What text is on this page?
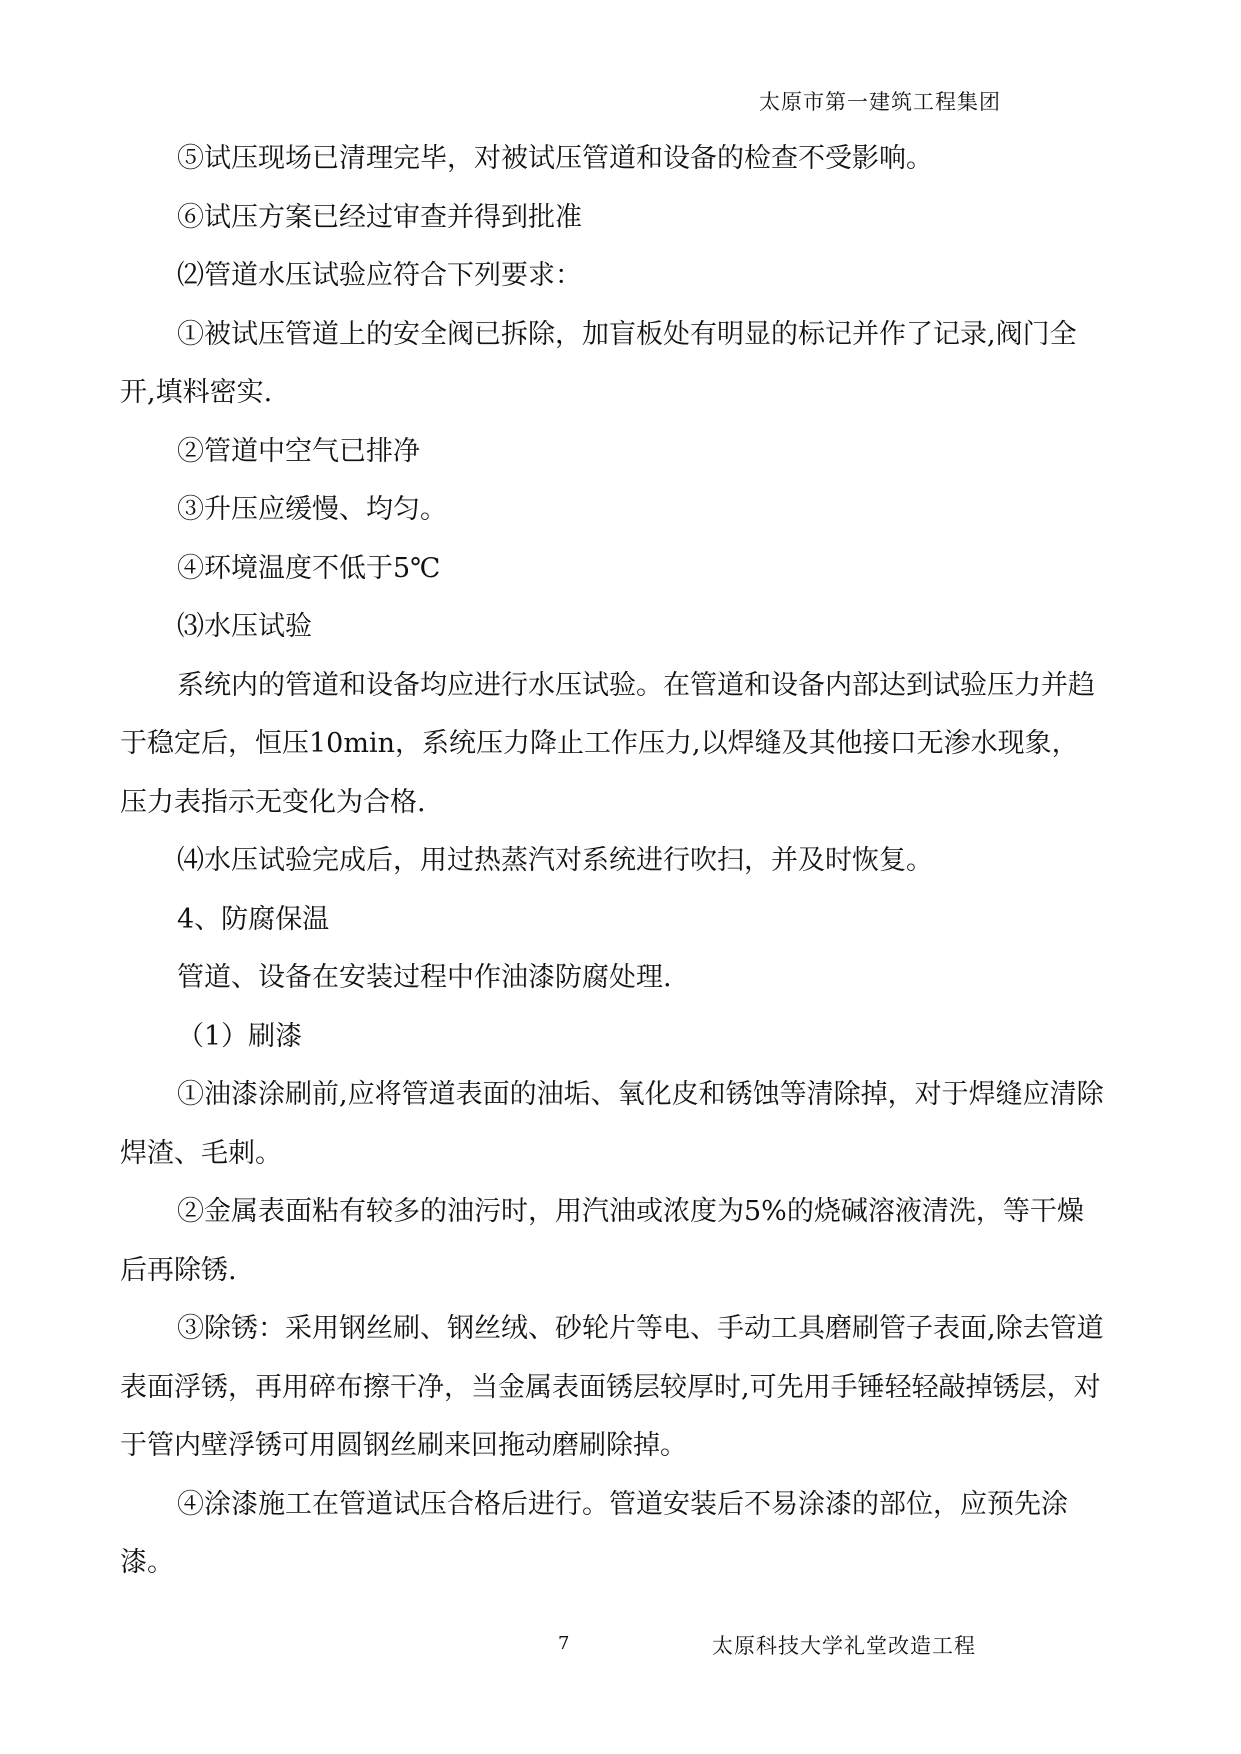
太原市第一建筑工程集团

⑤试压现场已清理完毕，对被试压管道和设备的检查不受影响。

⑥试压方案已经过审查并得到批准

⑵管道水压试验应符合下列要求：

①被试压管道上的安全阀已拆除，加盲板处有明显的标记并作了记录,阀门全开,填料密实.

②管道中空气已排净

③升压应缓慢、均匀。

④环境温度不低于5℃

⑶水压试验

系统内的管道和设备均应进行水压试验。在管道和设备内部达到试验压力并趋于稳定后，恒压10min，系统压力降止工作压力,以焊缝及其他接口无渗水现象，压力表指示无变化为合格.

⑷水压试验完成后，用过热蒸汽对系统进行吹扫，并及时恢复。

4、防腐保温

管道、设备在安装过程中作油漆防腐处理.

（1）刷漆

①油漆涂刷前,应将管道表面的油垢、氧化皮和锈蚀等清除掉，对于焊缝应清除焊渣、毛刺。

②金属表面粘有较多的油污时，用汽油或浓度为5%的烧碱溶液清洗，等干燥后再除锈.

③除锈：采用钢丝刷、钢丝绒、砂轮片等电、手动工具磨刷管子表面,除去管道表面浮锈，再用碎布擦干净，当金属表面锈层较厚时,可先用手锤轻轻敲掉锈层，对于管内壁浮锈可用圆钢丝刷来回拖动磨刷除掉。

④涂漆施工在管道试压合格后进行。管道安装后不易涂漆的部位，应预先涂漆。

7	太原科技大学礼堂改造工程
